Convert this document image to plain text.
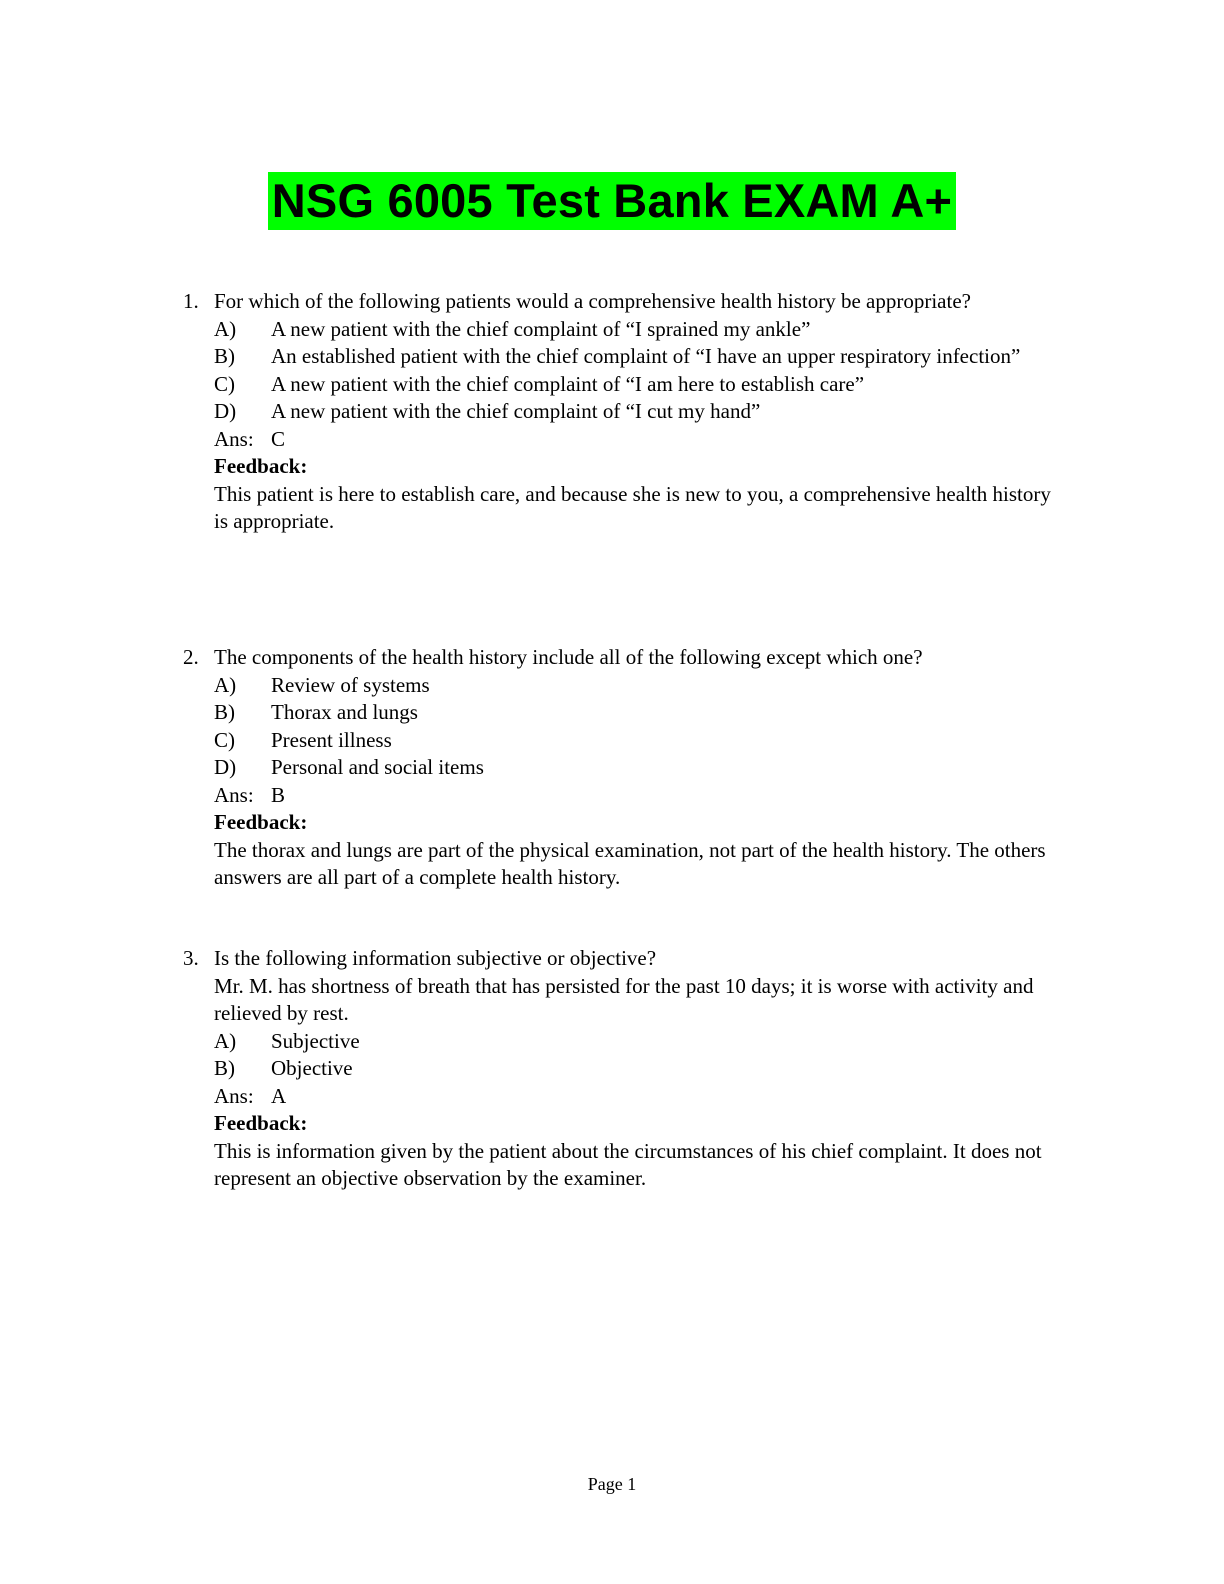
NSG 6005 Test Bank EXAM A+
1. For which of the following patients would a comprehensive health history be appropriate?
A)	A new patient with the chief complaint of “I sprained my ankle”
B)	An established patient with the chief complaint of “I have an upper respiratory infection”
C)	A new patient with the chief complaint of “I am here to establish care”
D)	A new patient with the chief complaint of “I cut my hand”
Ans: C
Feedback:
This patient is here to establish care, and because she is new to you, a comprehensive health history is appropriate.
2. The components of the health history include all of the following except which one?
A)	Review of systems
B)	Thorax and lungs
C)	Present illness
D)	Personal and social items
Ans: B
Feedback:
The thorax and lungs are part of the physical examination, not part of the health history. The others answers are all part of a complete health history.
3. Is the following information subjective or objective?
Mr. M. has shortness of breath that has persisted for the past 10 days; it is worse with activity and relieved by rest.
A)	Subjective
B)	Objective
Ans: A
Feedback:
This is information given by the patient about the circumstances of his chief complaint. It does not represent an objective observation by the examiner.
Page 1
